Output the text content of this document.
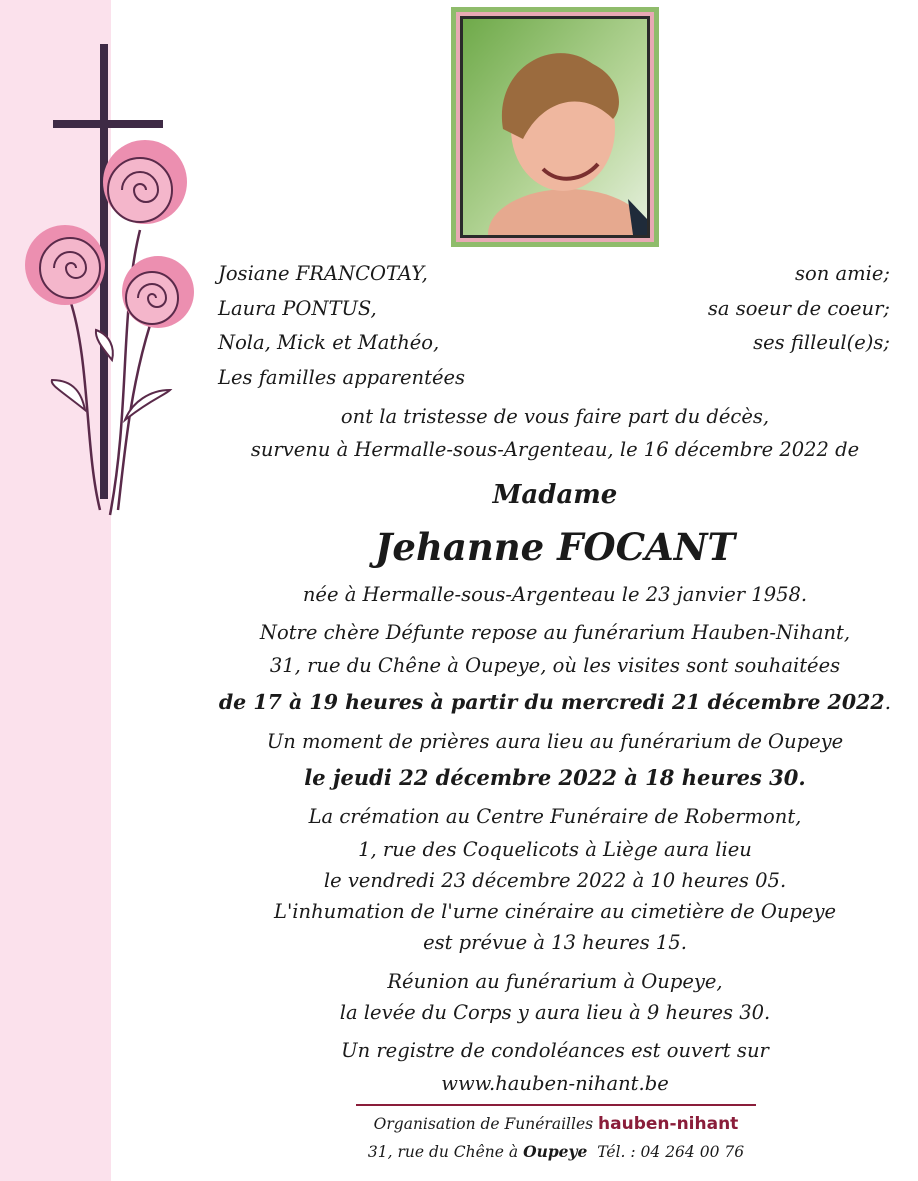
Josiane FRANCOTAY,	son amie;
Laura PONTUS,	sa soeur de coeur;
Nola, Mick et Mathéo,	ses filleul(e)s;
Les familles apparentées
ont la tristesse de vous faire part du décès,
survenu à Hermalle-sous-Argenteau, le 16 décembre 2022 de
Madame
Jehanne FOCANT
née à Hermalle-sous-Argenteau le 23 janvier 1958.
Notre chère Défunte repose au funérarium Hauben-Nihant,
31, rue du Chêne à Oupeye, où les visites sont souhaitées
de 17 à 19 heures à partir du mercredi 21 décembre 2022.
Un moment de prières aura lieu au funérarium de Oupeye
le jeudi 22 décembre 2022 à 18 heures 30.
La crémation au Centre Funéraire de Robermont,
1, rue des Coquelicots à Liège aura lieu
le vendredi 23 décembre 2022 à 10 heures 05.
L'inhumation de l'urne cinéraire au cimetière de Oupeye
est prévue à 13 heures 15.
Réunion au funérarium à Oupeye,
la levée du Corps y aura lieu à 9 heures 30.
Un registre de condoléances est ouvert sur
www.hauben-nihant.be
Organisation de Funérailles hauben-nihant
31, rue du Chêne à Oupeye Tél. : 04 264 00 76
